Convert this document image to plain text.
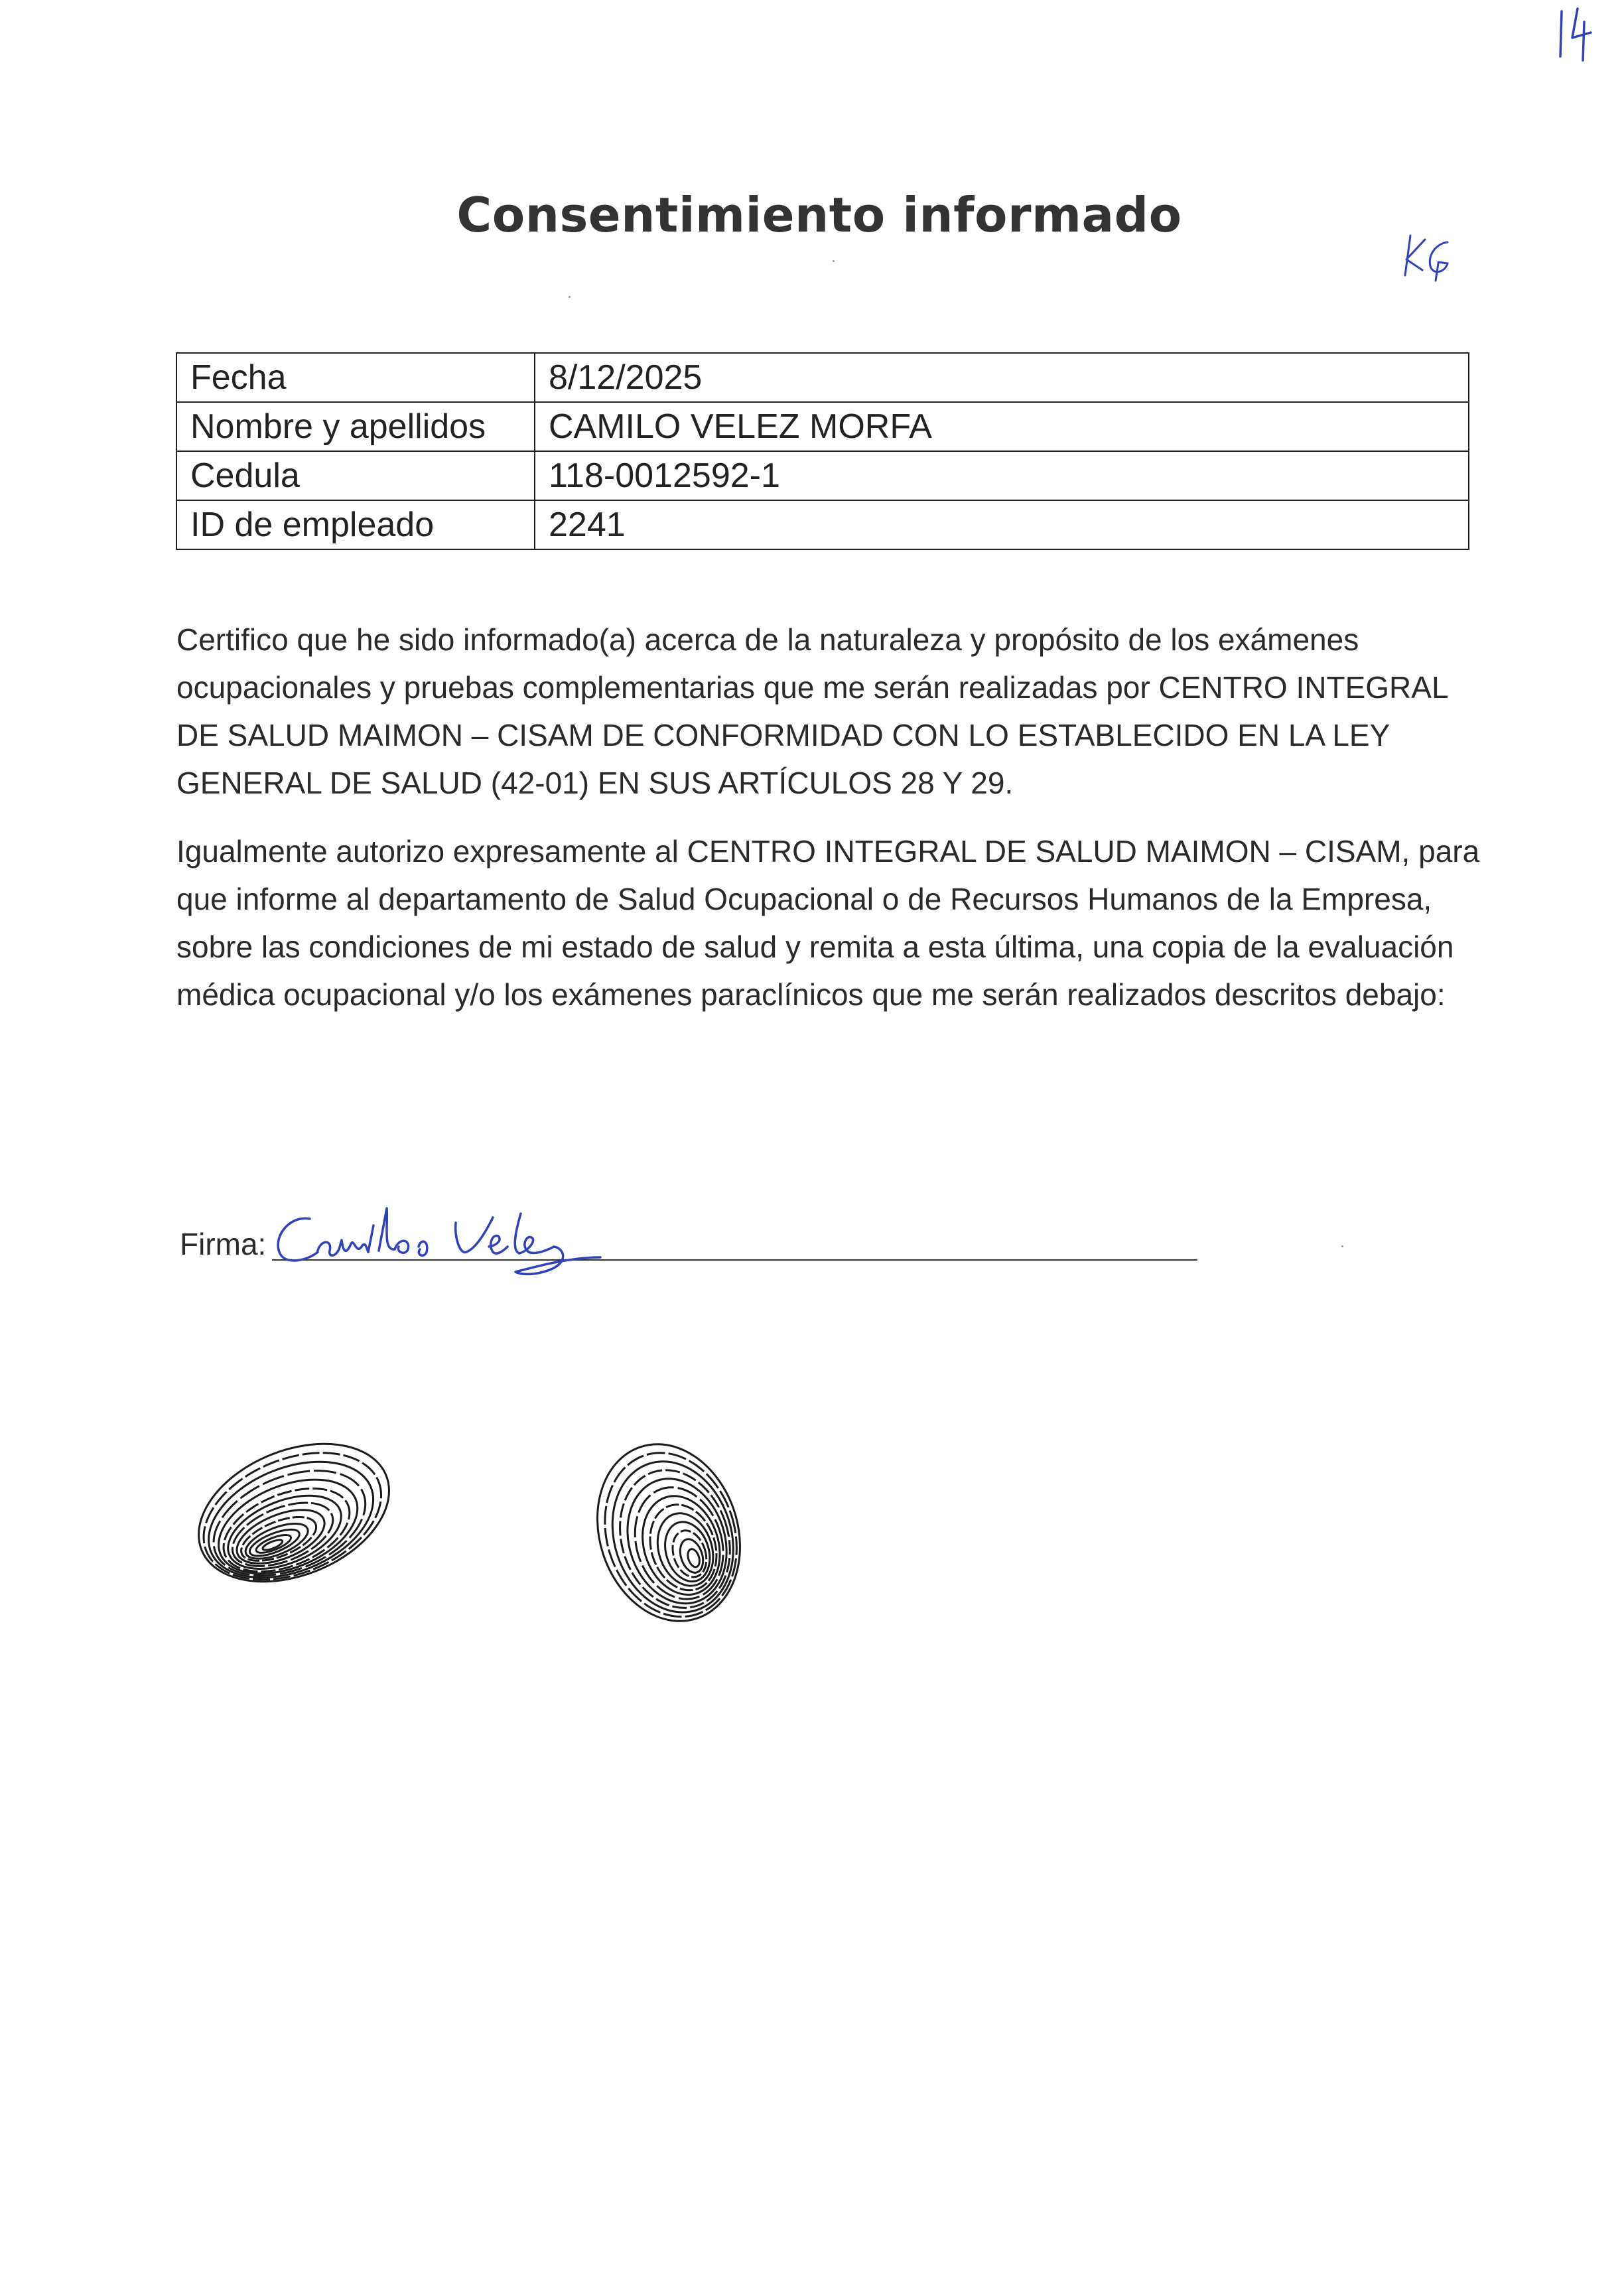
Consentimiento informado
Fecha	8/12/2025
Nombre y apellidos	CAMILO VELEZ MORFA
Cedula	118-0012592-1
ID de empleado	2241

Certifico que he sido informado(a) acerca de la naturaleza y propósito de los exámenes ocupacionales y pruebas complementarias que me serán realizadas por CENTRO INTEGRAL DE SALUD MAIMON – CISAM DE CONFORMIDAD CON LO ESTABLECIDO EN LA LEY GENERAL DE SALUD (42-01) EN SUS ARTÍCULOS 28 Y 29.

Igualmente autorizo expresamente al CENTRO INTEGRAL DE SALUD MAIMON – CISAM, para que informe al departamento de Salud Ocupacional o de Recursos Humanos de la Empresa, sobre las condiciones de mi estado de salud y remita a esta última, una copia de la evaluación médica ocupacional y/o los exámenes paraclínicos que me serán realizados descritos debajo:

Firma:
